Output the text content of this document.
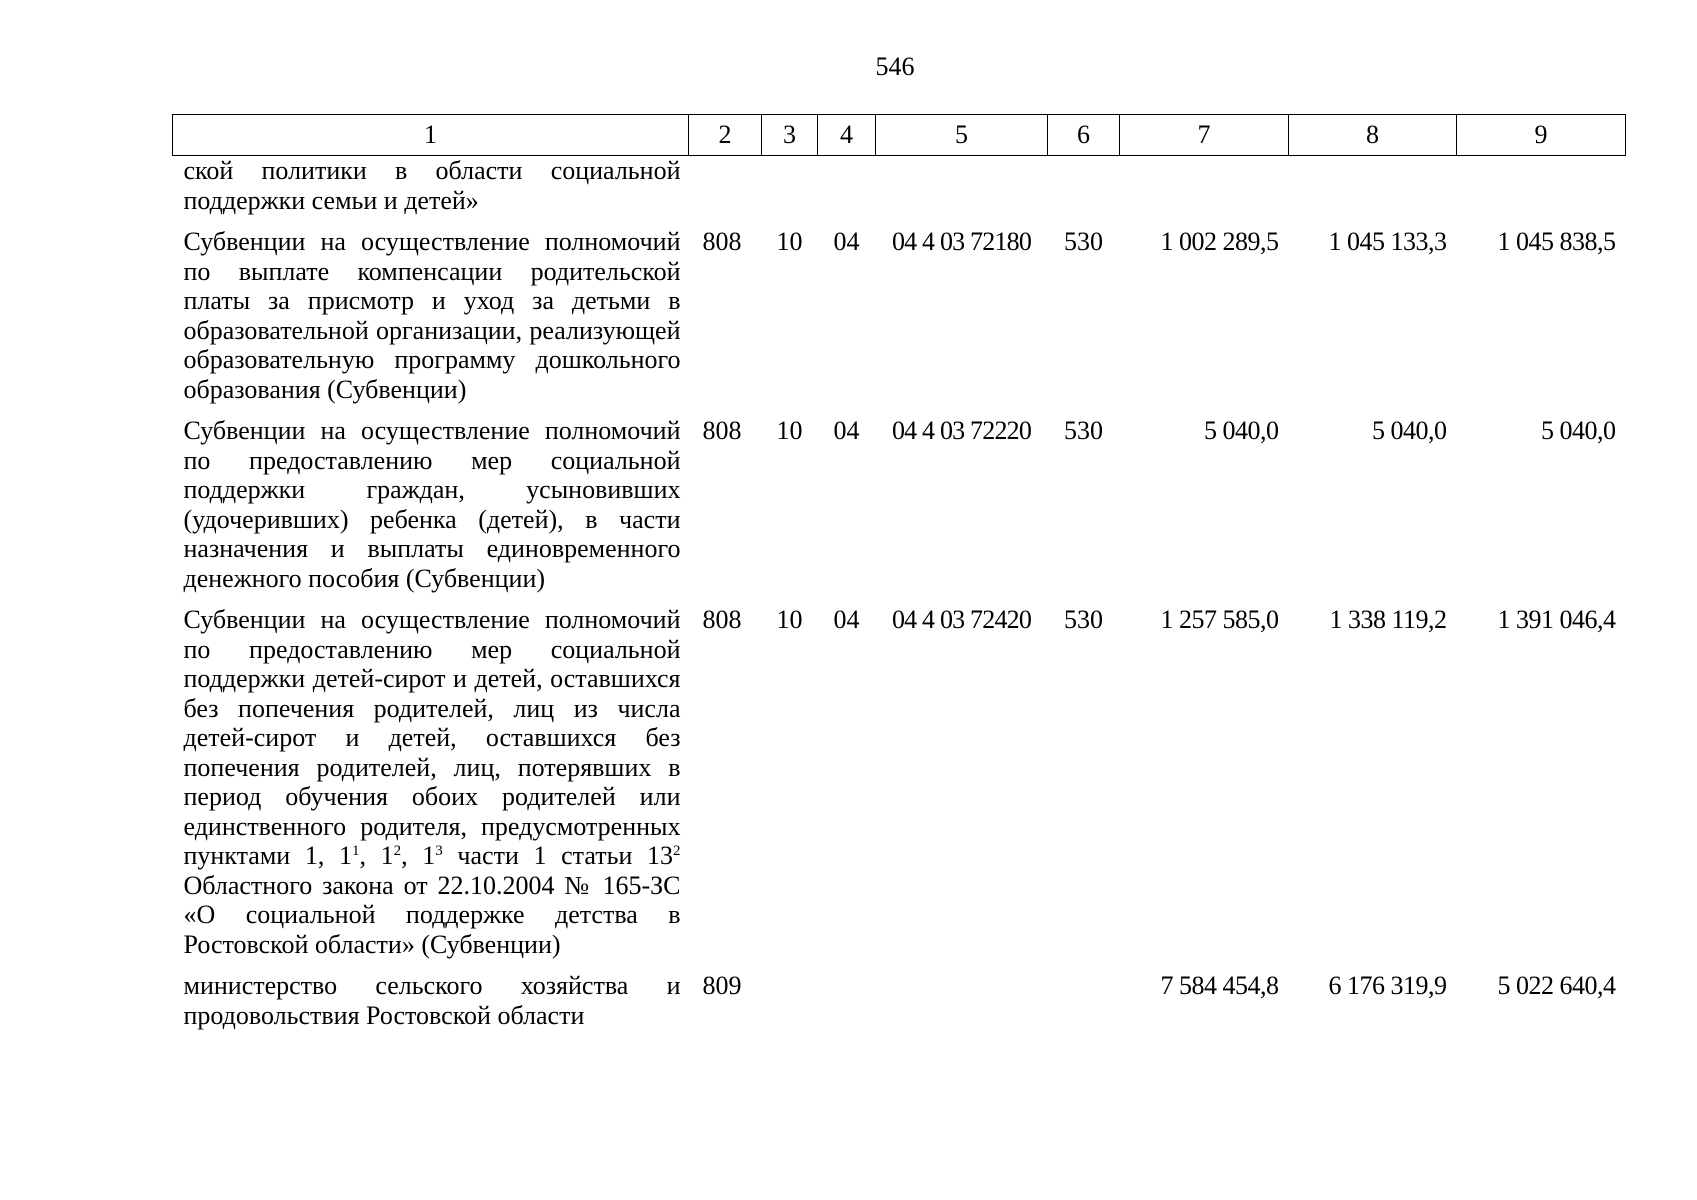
546
1	2	3	4	5	6	7	8	9
ской политики в области социальной поддержки семьи и детей»								
Субвенции на осуществление полномочий по выплате компенсации родительской платы за присмотр и уход за детьми в образовательной организации, реализующей образовательную программу дошкольного образования (Субвенции)	808	10	04	04 4 03 72180	530	1 002 289,5	1 045 133,3	1 045 838,5
Субвенции на осуществление полномочий по предоставлению мер социальной поддержки граждан, усыновивших (удочеривших) ребенка (детей), в части назначения и выплаты единовременного денежного пособия (Субвенции)	808	10	04	04 4 03 72220	530	5 040,0	5 040,0	5 040,0
Субвенции на осуществление полномочий по предоставлению мер социальной поддержки детей-сирот и детей, оставшихся без попечения родителей, лиц из числа детей-сирот и детей, оставшихся без попечения родителей, лиц, потерявших в период обучения обоих родителей или единственного родителя, предусмотренных пунктами 1, $1^1$, $1^2$, $1^3$ части 1 статьи $13^2$ Областного закона от 22.10.2004 № 165-ЗС «О социальной поддержке детства в Ростовской области» (Субвенции)	808	10	04	04 4 03 72420	530	1 257 585,0	1 338 119,2	1 391 046,4
министерство сельского хозяйства и продовольствия Ростовской области	809					7 584 454,8	6 176 319,9	5 022 640,4
